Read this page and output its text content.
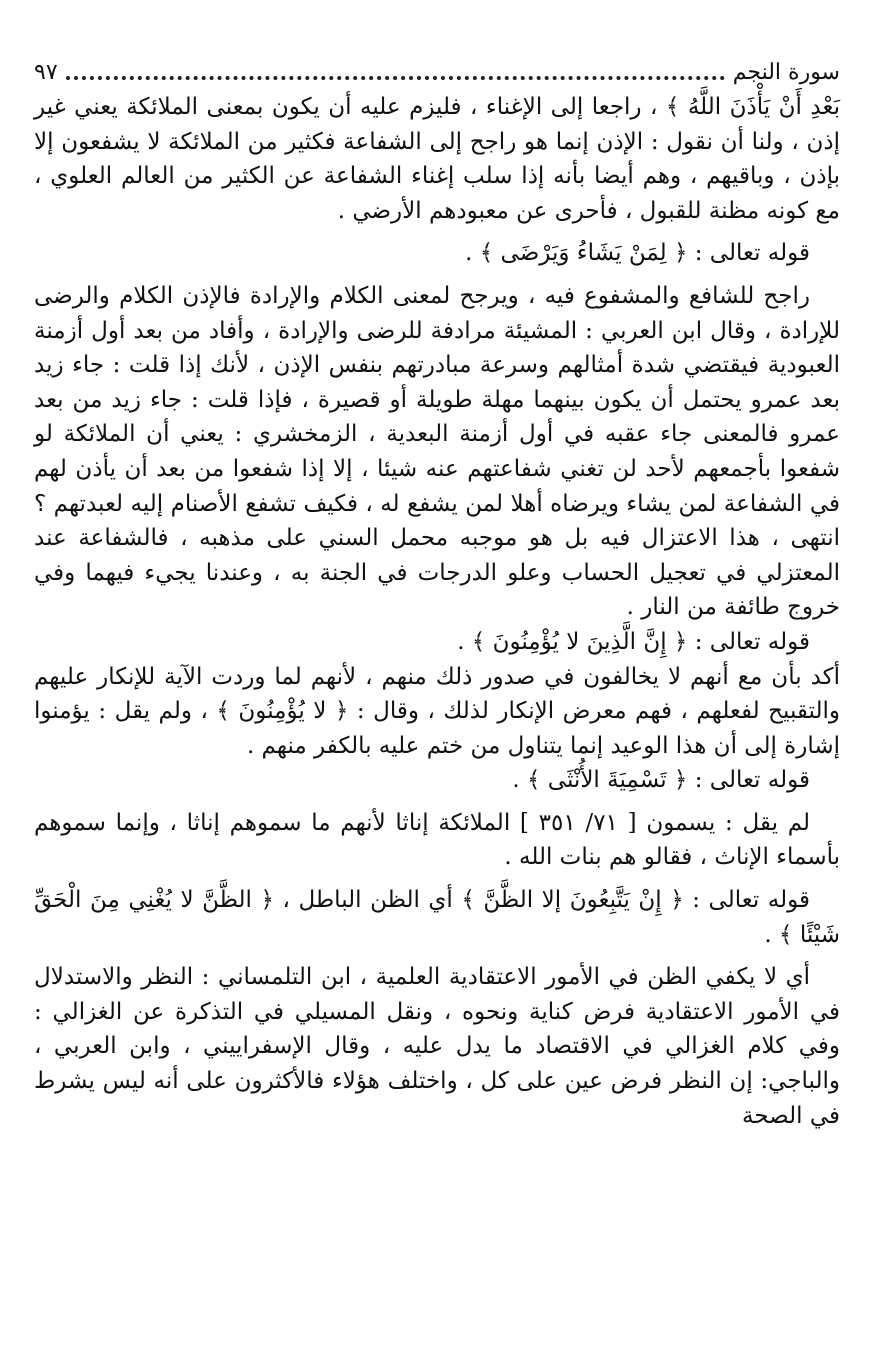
سورة النجم
٩٧

بَعْدِ أَنْ يَأْذَنَ اللَّهُ ﴾ ، راجعا إلى الإغناء ، فليزم عليه أن يكون بمعنى الملائكة يعني غير إذن ، ولنا أن نقول : الإذن إنما هو راجح إلى الشفاعة فكثير من الملائكة لا يشفعون إلا بإذن ، وباقيهم ، وهم أيضا بأنه إذا سلب إغناء الشفاعة عن الكثير من العالم العلوي ، مع كونه مظنة للقبول ، فأحرى عن معبودهم الأرضي .

قوله تعالى : ﴿ لِمَنْ يَشَاءُ وَيَرْضَى ﴾ .

راجح للشافع والمشفوع فيه ، ويرجح لمعنى الكلام والإرادة فالإذن الكلام والرضى للإرادة ، وقال ابن العربي : المشيئة مرادفة للرضى والإرادة ، وأفاد من بعد أول أزمنة العبودية فيقتضي شدة أمثالهم وسرعة مبادرتهم بنفس الإذن ، لأنك إذا قلت : جاء زيد بعد عمرو يحتمل أن يكون بينهما مهلة طويلة أو قصيرة ، فإذا قلت : جاء زيد من بعد عمرو فالمعنى جاء عقبه في أول أزمنة البعدية ، الزمخشري : يعني أن الملائكة لو شفعوا بأجمعهم لأحد لن تغني شفاعتهم عنه شيئا ، إلا إذا شفعوا من بعد أن يأذن لهم في الشفاعة لمن يشاء ويرضاه أهلا لمن يشفع له ، فكيف تشفع الأصنام إليه لعبدتهم ؟ انتهى ، هذا الاعتزال فيه بل هو موجبه محمل السني على مذهبه ، فالشفاعة عند المعتزلي في تعجيل الحساب وعلو الدرجات في الجنة به ، وعندنا يجيء فيهما وفي خروج طائفة من النار .

قوله تعالى : ﴿ إِنَّ الَّذِينَ لا يُؤْمِنُونَ ﴾ .

أكد بأن مع أنهم لا يخالفون في صدور ذلك منهم ، لأنهم لما وردت الآية للإنكار عليهم والتقبيح لفعلهم ، فهم معرض الإنكار لذلك ، وقال : ﴿ لا يُؤْمِنُونَ ﴾ ، ولم يقل : يؤمنوا إشارة إلى أن هذا الوعيد إنما يتناول من ختم عليه بالكفر منهم .

قوله تعالى : ﴿ تَسْمِيَةَ الأُنْثَى ﴾ .

لم يقل : يسمون [ ٧١/ ٣٥١ ] الملائكة إناثا لأنهم ما سموهم إناثا ، وإنما سموهم بأسماء الإناث ، فقالو هم بنات الله .

قوله تعالى : ﴿ إِنْ يَتَّبِعُونَ إلا الظَّنَّ ﴾ أي الظن الباطل ، ﴿ الظَّنَّ لا يُغْنِي مِنَ الْحَقِّ شَيْئًا ﴾ .

أي لا يكفي الظن في الأمور الاعتقادية العلمية ، ابن التلمساني : النظر والاستدلال في الأمور الاعتقادية فرض كناية ونحوه ، ونقل المسيلي في التذكرة عن الغزالي : وفي كلام الغزالي في الاقتصاد ما يدل عليه ، وقال الإسفراييني ، وابن العربي ، والباجي: إن النظر فرض عين على كل ، واختلف هؤلاء فالأكثرون على أنه ليس يشرط في الصحة
